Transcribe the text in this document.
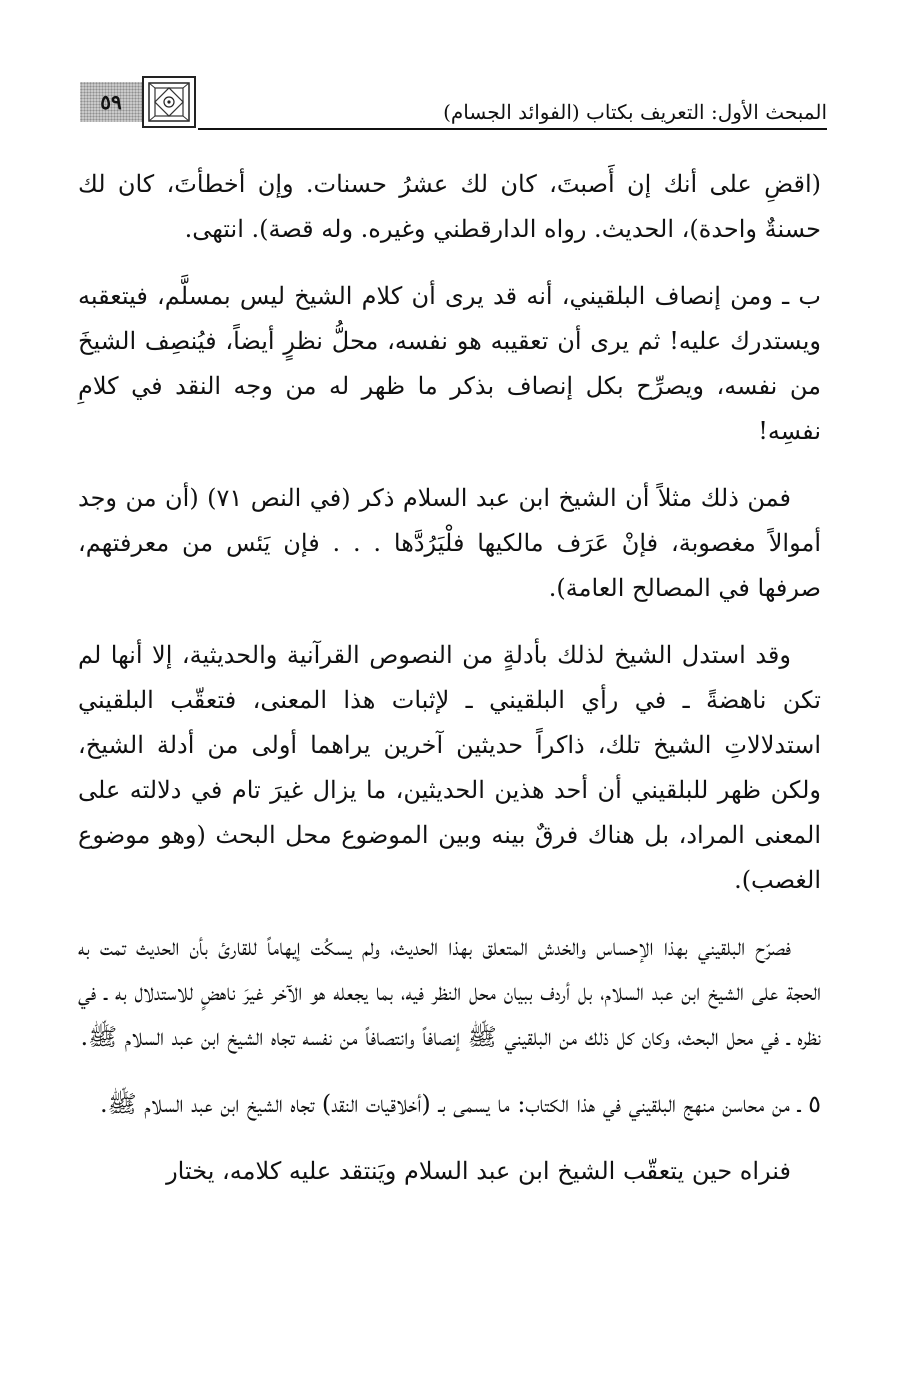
٥٩	المبحث الأول: التعريف بكتاب (الفوائد الجسام)

(اقضِ على أنك إن أَصبتَ، كان لك عشرُ حسنات. وإن أخطأتَ، كان لك حسنةٌ واحدة)، الحديث. رواه الدارقطني وغيره. وله قصة). انتهى.

ب ـ ومن إنصاف البلقيني، أنه قد يرى أن كلام الشيخ ليس بمسلَّم، فيتعقبه ويستدرك عليه! ثم يرى أن تعقيبه هو نفسه، محلُّ نظرٍ أيضاً، فيُنصِف الشيخَ من نفسه، ويصرِّح بكل إنصاف بذكر ما ظهر له من وجه النقد في كلامِ نفسِه!

فمن ذلك مثلاً أن الشيخ ابن عبد السلام ذكر (في النص ٧١) (أن من وجد أموالاً مغصوبة، فإنْ عَرَف مالكيها فلْيَرُدَّها . . . فإن يَئس من معرفتهم، صرفها في المصالح العامة).

وقد استدل الشيخ لذلك بأدلةٍ من النصوص القرآنية والحديثية، إلا أنها لم تكن ناهضةً ـ في رأي البلقيني ـ لإثبات هذا المعنى، فتعقّب البلقيني استدلالاتِ الشيخ تلك، ذاكراً حديثين آخرين يراهما أولى من أدلة الشيخ، ولكن ظهر للبلقيني أن أحد هذين الحديثين، ما يزال غيرَ تام في دلالته على المعنى المراد، بل هناك فرقٌ بينه وبين الموضوع محل البحث (وهو موضوع الغصب).

فصرّح البلقيني بهذا الإحساس والخدش المتعلق بهذا الحديث، ولم يسكُت إيهاماً للقارئ بأن الحديث تمت به الحجة على الشيخ ابن عبد السلام، بل أردف ببيان محل النظر فيه، بما يجعله هو الآخر غيرَ ناهضٍ للاستدلال به ـ في نظره ـ في محل البحث، وكان كل ذلك من البلقيني ﷺ إنصافاً وانتصافاً من نفسه تجاه الشيخ ابن عبد السلام ﷺ.

٥ ـ من محاسن منهج البلقيني في هذا الكتاب: ما يسمى بـ (أخلاقيات النقد) تجاه الشيخ ابن عبد السلام ﷺ.

فنراه حين يتعقّب الشيخ ابن عبد السلام ويَنتقد عليه كلامه، يختار
